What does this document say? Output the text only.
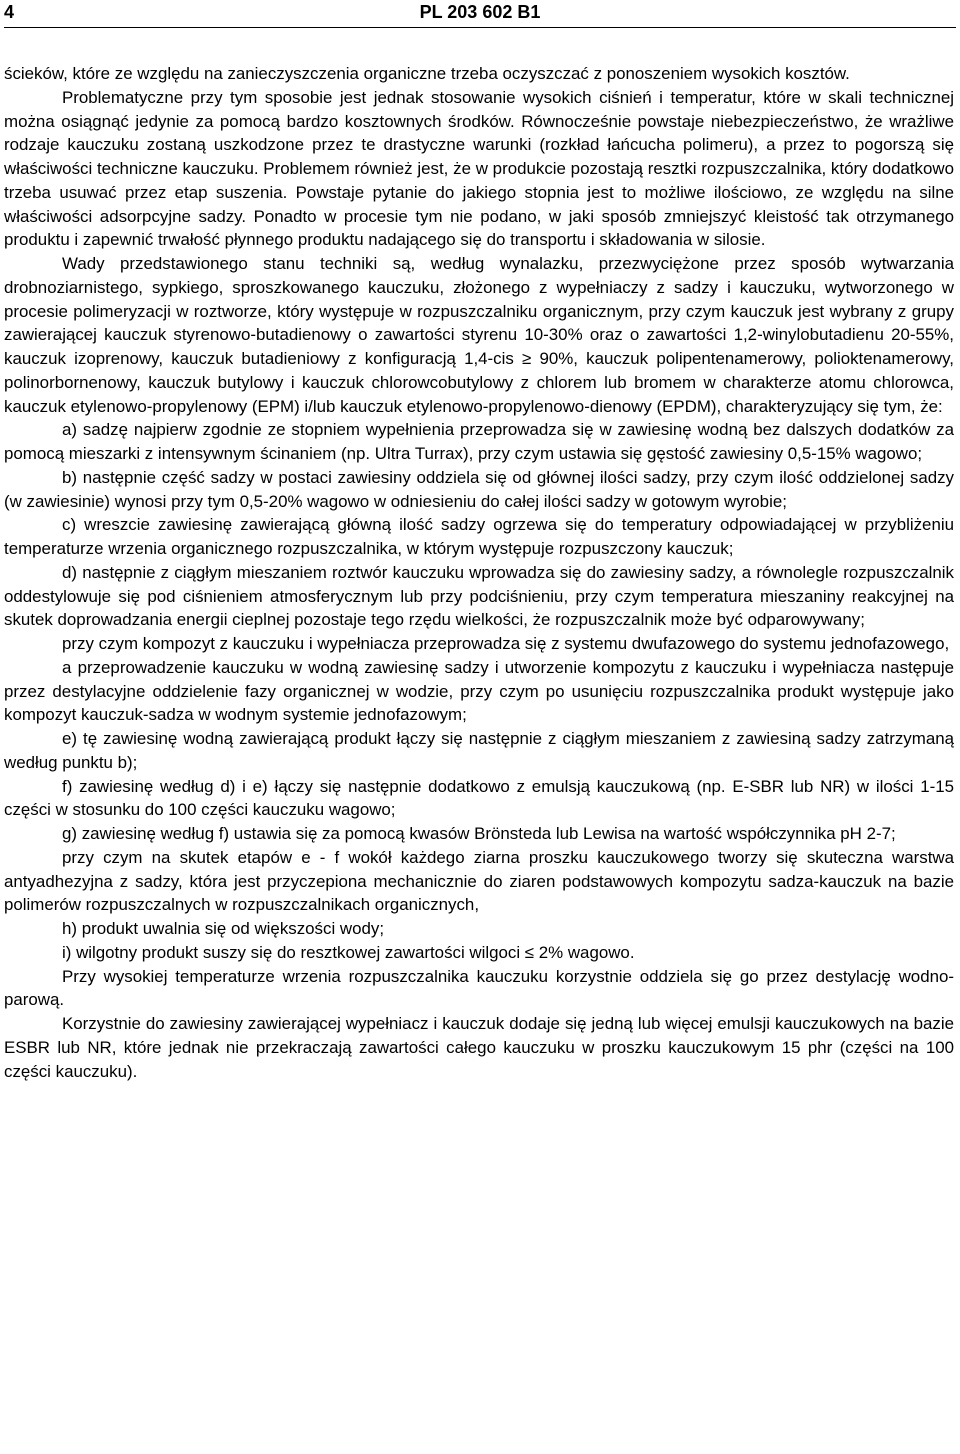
4	PL 203 602 B1

ścieków, które ze względu na zanieczyszczenia organiczne trzeba oczyszczać z ponoszeniem wysokich kosztów.

Problematyczne przy tym sposobie jest jednak stosowanie wysokich ciśnień i temperatur, które w skali technicznej można osiągnąć jedynie za pomocą bardzo kosztownych środków. Równocześnie powstaje niebezpieczeństwo, że wrażliwe rodzaje kauczuku zostaną uszkodzone przez te drastyczne warunki (rozkład łańcucha polimeru), a przez to pogorszą się właściwości techniczne kauczuku. Problemem również jest, że w produkcie pozostają resztki rozpuszczalnika, który dodatkowo trzeba usuwać przez etap suszenia. Powstaje pytanie do jakiego stopnia jest to możliwe ilościowo, ze względu na silne właściwości adsorpcyjne sadzy. Ponadto w procesie tym nie podano, w jaki sposób zmniejszyć kleistość tak otrzymanego produktu i zapewnić trwałość płynnego produktu nadającego się do transportu i składowania w silosie.

Wady przedstawionego stanu techniki są, według wynalazku, przezwyciężone przez sposób wytwarzania drobnoziarnistego, sypkiego, sproszkowanego kauczuku, złożonego z wypełniaczy z sadzy i kauczuku, wytworzonego w procesie polimeryzacji w roztworze, który występuje w rozpuszczalniku organicznym, przy czym kauczuk jest wybrany z grupy zawierającej kauczuk styrenowo-butadienowy o zawartości styrenu 10-30% oraz o zawartości 1,2-winylobutadienu 20-55%, kauczuk izoprenowy, kauczuk butadieniowy z konfiguracją 1,4-cis ≥ 90%, kauczuk polipentenamerowy, polioktenamerowy, polinorbornenowy, kauczuk butylowy i kauczuk chlorowcobutylowy z chlorem lub bromem w charakterze atomu chlorowca, kauczuk etylenowo-propylenowy (EPM) i/lub kauczuk etylenowo-propylenowo-dienowy (EPDM), charakteryzujący się tym, że:

a) sadzę najpierw zgodnie ze stopniem wypełnienia przeprowadza się w zawiesinę wodną bez dalszych dodatków za pomocą mieszarki z intensywnym ścinaniem (np. Ultra Turrax), przy czym ustawia się gęstość zawiesiny 0,5-15% wagowo;

b) następnie część sadzy w postaci zawiesiny oddziela się od głównej ilości sadzy, przy czym ilość oddzielonej sadzy (w zawiesinie) wynosi przy tym 0,5-20% wagowo w odniesieniu do całej ilości sadzy w gotowym wyrobie;

c) wreszcie zawiesinę zawierającą główną ilość sadzy ogrzewa się do temperatury odpowiadającej w przybliżeniu temperaturze wrzenia organicznego rozpuszczalnika, w którym występuje rozpuszczony kauczuk;

d) następnie z ciągłym mieszaniem roztwór kauczuku wprowadza się do zawiesiny sadzy, a równolegle rozpuszczalnik oddestylowuje się pod ciśnieniem atmosferycznym lub przy podciśnieniu, przy czym temperatura mieszaniny reakcyjnej na skutek doprowadzania energii cieplnej pozostaje tego rzędu wielkości, że rozpuszczalnik może być odparowywany;

przy czym kompozyt z kauczuku i wypełniacza przeprowadza się z systemu dwufazowego do systemu jednofazowego,

a przeprowadzenie kauczuku w wodną zawiesinę sadzy i utworzenie kompozytu z kauczuku i wypełniacza następuje przez destylacyjne oddzielenie fazy organicznej w wodzie, przy czym po usunięciu rozpuszczalnika produkt występuje jako kompozyt kauczuk-sadza w wodnym systemie jednofazowym;

e) tę zawiesinę wodną zawierającą produkt łączy się następnie z ciągłym mieszaniem z zawiesiną sadzy zatrzymaną według punktu b);

f) zawiesinę według d) i e) łączy się następnie dodatkowo z emulsją kauczukową (np. E-SBR lub NR) w ilości 1-15 części w stosunku do 100 części kauczuku wagowo;

g) zawiesinę według f) ustawia się za pomocą kwasów Brönsteda lub Lewisa na wartość współczynnika pH 2-7;

przy czym na skutek etapów e - f wokół każdego ziarna proszku kauczukowego tworzy się skuteczna warstwa antyadhezyjna z sadzy, która jest przyczepiona mechanicznie do ziaren podstawowych kompozytu sadza-kauczuk na bazie polimerów rozpuszczalnych w rozpuszczalnikach organicznych,

h) produkt uwalnia się od większości wody;

i) wilgotny produkt suszy się do resztkowej zawartości wilgoci ≤ 2% wagowo.

Przy wysokiej temperaturze wrzenia rozpuszczalnika kauczuku korzystnie oddziela się go przez destylację wodno-parową.

Korzystnie do zawiesiny zawierającej wypełniacz i kauczuk dodaje się jedną lub więcej emulsji kauczukowych na bazie ESBR lub NR, które jednak nie przekraczają zawartości całego kauczuku w proszku kauczukowym 15 phr (części na 100 części kauczuku).
